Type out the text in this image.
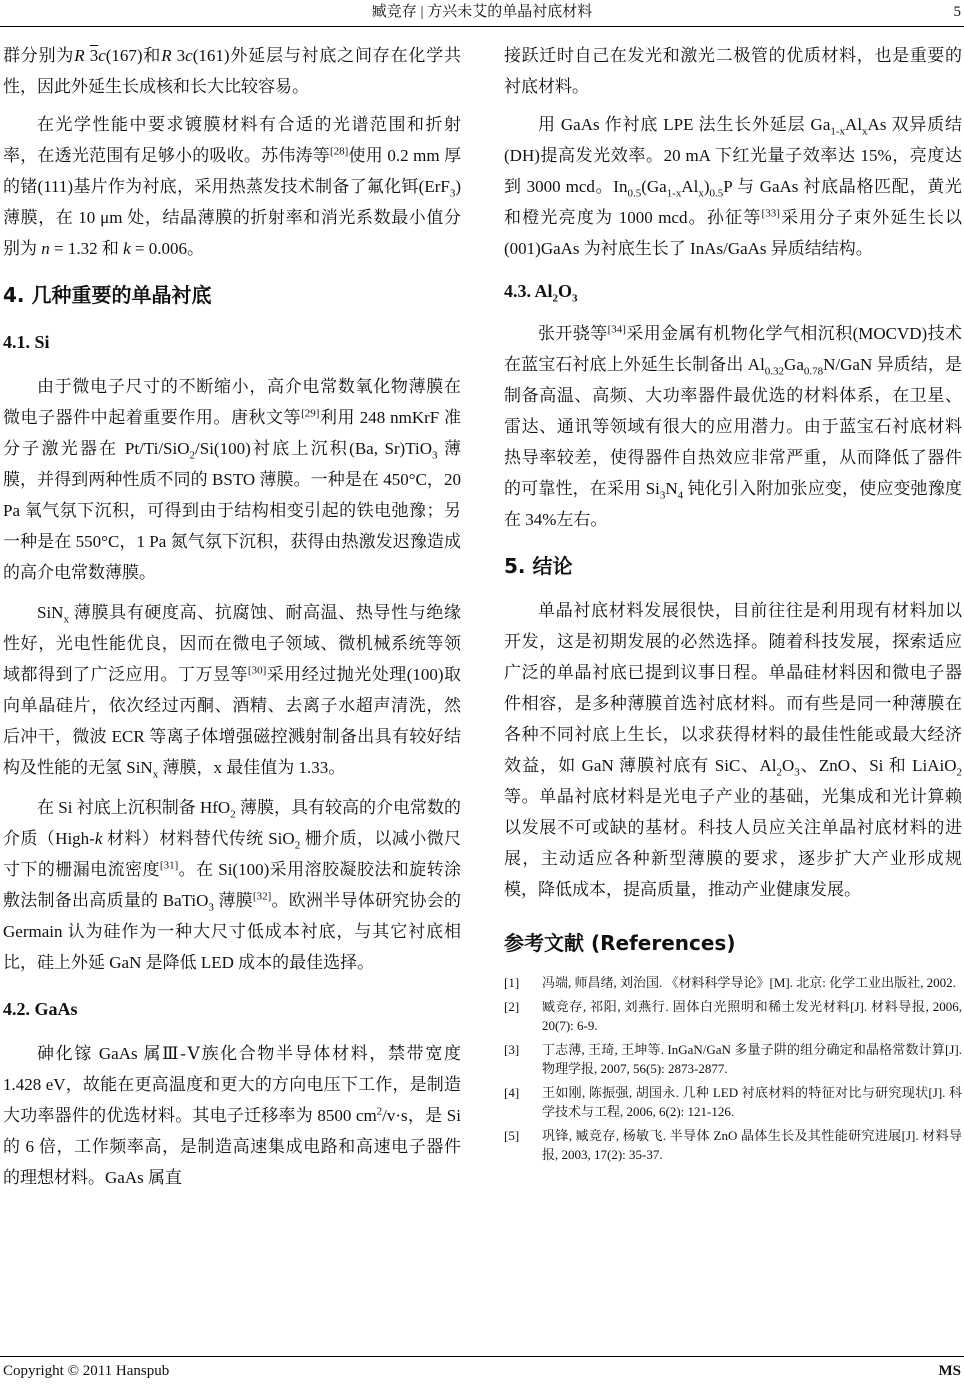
臧竞存 | 方兴未艾的单晶衬底材料	5

群分别为R 3c(167)和R 3c(161)外延层与衬底之间存在化学共性，因此外延生长成核和长大比较容易。

在光学性能中要求镀膜材料有合适的光谱范围和折射率，在透光范围有足够小的吸收。苏伟涛等[28]使用 0.2 mm 厚的锗(111)基片作为衬底，采用热蒸发技术制备了氟化铒(ErF$_3$)薄膜，在 10 μm 处，结晶薄膜的折射率和消光系数最小值分别为 n = 1.32 和 k = 0.006。

4. 几种重要的单晶衬底
4.1. Si

由于微电子尺寸的不断缩小，高介电常数氧化物薄膜在微电子器件中起着重要作用。唐秋文等[29]利用 248 nmKrF 准分子激光器在 Pt/Ti/SiO$_2$/Si(100)衬底上沉积(Ba, Sr)TiO$_3$ 薄膜，并得到两种性质不同的 BSTO 薄膜。一种是在 450°C，20 Pa 氧气氛下沉积，可得到由于结构相变引起的铁电弛豫；另一种是在 550°C，1 Pa 氮气氛下沉积，获得由热激发迟豫造成的高介电常数薄膜。

SiN$_x$ 薄膜具有硬度高、抗腐蚀、耐高温、热导性与绝缘性好，光电性能优良，因而在微电子领域、微机械系统等领域都得到了广泛应用。丁万昱等[30]采用经过抛光处理(100)取向单晶硅片，依次经过丙酮、酒精、去离子水超声清洗，然后冲干，微波 ECR 等离子体增强磁控溅射制备出具有较好结构及性能的无氢 SiN$_x$ 薄膜，x 最佳值为 1.33。

在 Si 衬底上沉积制备 HfO$_2$ 薄膜，具有较高的介电常数的介质（High-k 材料）材料替代传统 SiO$_2$ 栅介质，以减小微尺寸下的栅漏电流密度[31]。在 Si(100)采用溶胶凝胶法和旋转涂敷法制备出高质量的 BaTiO$_3$ 薄膜[32]。欧洲半导体研究协会的 Germain 认为硅作为一种大尺寸低成本衬底，与其它衬底相比，硅上外延 GaN 是降低 LED 成本的最佳选择。

4.2. GaAs

砷化镓 GaAs 属Ⅲ-Ⅴ族化合物半导体材料，禁带宽度 1.428 eV，故能在更高温度和更大的方向电压下工作，是制造大功率器件的优选材料。其电子迁移率为 8500 $cm^2/v\cdot s$，是 Si 的 6 倍，工作频率高，是制造高速集成电路和高速电子器件的理想材料。GaAs 属直

接跃迁时自己在发光和激光二极管的优质材料，也是重要的衬底材料。

用 GaAs 作衬底 LPE 法生长外延层 $Ga_{1-x}Al_xAs$ 双异质结(DH)提高发光效率。20 mA 下红光量子效率达 15%，亮度达到 3000 mcd。$In_{0.5}(Ga_{1-x}Al_x)_{0.5}P$ 与 GaAs 衬底晶格匹配，黄光和橙光亮度为 1000 mcd。孙征等[33]采用分子束外延生长以(001)GaAs 为衬底生长了 InAs/GaAs 异质结结构。

4.3. $Al_2O_3$

张开骁等[34]采用金属有机物化学气相沉积(MOCVD)技术在蓝宝石衬底上外延生长制备出 $Al_{0.32}Ga_{0.78}N$/GaN 异质结，是制备高温、高频、大功率器件最优选的材料体系，在卫星、雷达、通讯等领域有很大的应用潜力。由于蓝宝石衬底材料热导率较差，使得器件自热效应非常严重，从而降低了器件的可靠性，在采用 $Si_3N_4$ 钝化引入附加张应变，使应变弛豫度在 34%左右。

5. 结论

单晶衬底材料发展很快，目前往往是利用现有材料加以开发，这是初期发展的必然选择。随着科技发展，探索适应广泛的单晶衬底已提到议事日程。单晶硅材料因和微电子器件相容，是多种薄膜首选衬底材料。而有些是同一种薄膜在各种不同衬底上生长，以求获得材料的最佳性能或最大经济效益，如 GaN 薄膜衬底有 SiC、$Al_2O_3$、ZnO、Si 和 LiAiO$_2$ 等。单晶衬底材料是光电子产业的基础，光集成和光计算赖以发展不可或缺的基材。科技人员应关注单晶衬底材料的进展，主动适应各种新型薄膜的要求，逐步扩大产业形成规模，降低成本，提高质量，推动产业健康发展。

参考文献 (References)
[1]	冯端, 师昌绪, 刘治国. 《材料科学导论》[M]. 北京: 化学工业出版社, 2002.
[2]	臧竞存, 祁阳, 刘燕行. 固体白光照明和稀土发光材料[J]. 材料导报, 2006, 20(7): 6-9.
[3]	丁志薄, 王琦, 王坤等. InGaN/GaN 多量子阱的组分确定和晶格常数计算[J]. 物理学报, 2007, 56(5): 2873-2877.
[4]	王如刚, 陈振强, 胡国永. 几种 LED 衬底材料的特征对比与研究现状[J]. 科学技术与工程, 2006, 6(2): 121-126.
[5]	巩锋, 臧竞存, 杨敏飞. 半导体 ZnO 晶体生长及其性能研究进展[J]. 材料导报, 2003, 17(2): 35-37.
Copyright © 2011 Hanspub	MS
